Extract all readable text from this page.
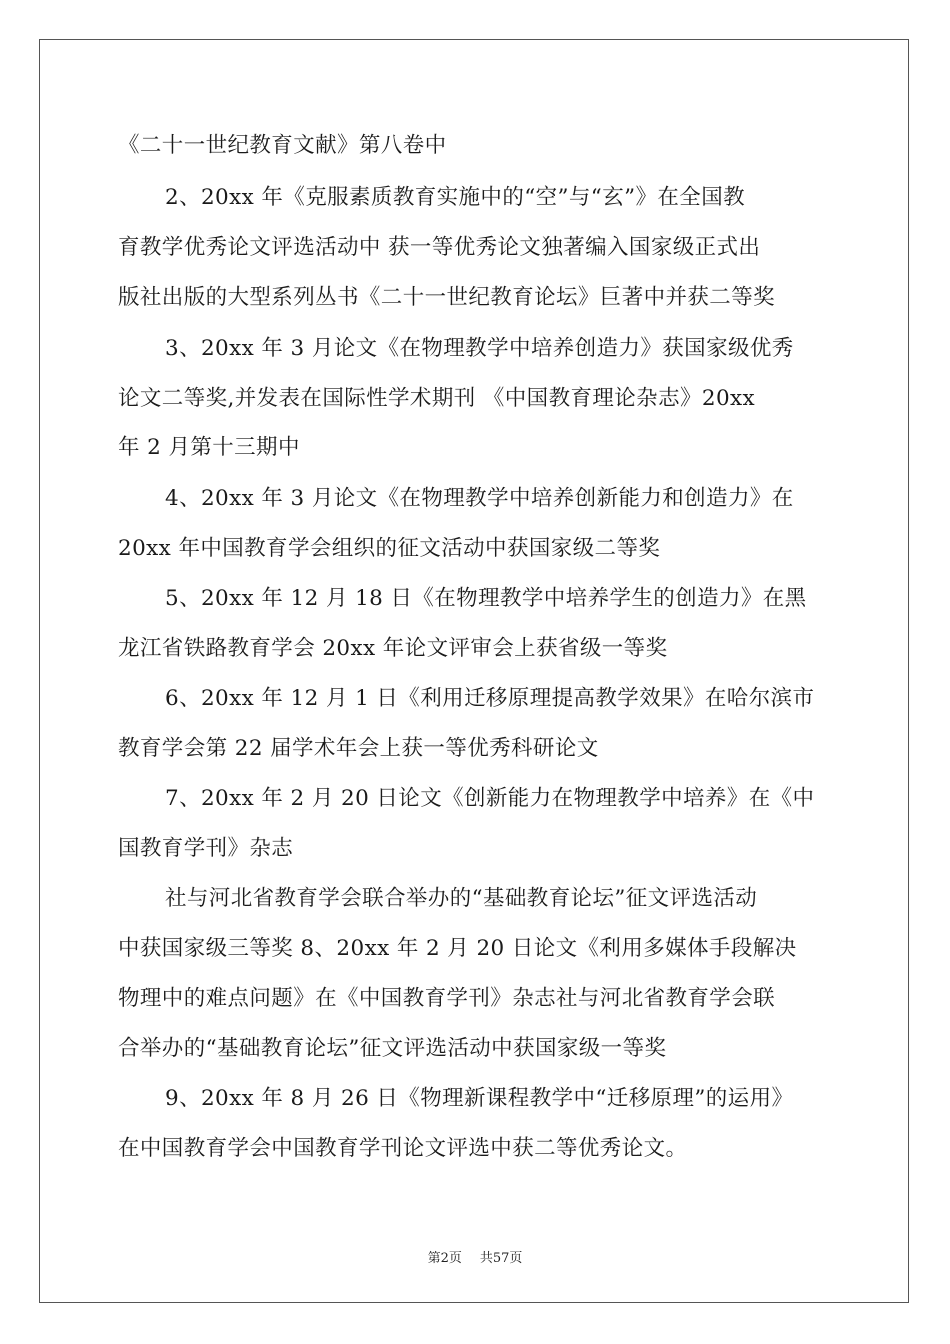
《二十一世纪教育文献》第八卷中
2、20xx 年《克服素质教育实施中的“空”与“玄”》在全国教
育教学优秀论文评选活动中 获一等优秀论文独著编入国家级正式出
版社出版的大型系列丛书《二十一世纪教育论坛》巨著中并获二等奖
3、20xx 年 3 月论文《在物理教学中培养创造力》获国家级优秀
论文二等奖,并发表在国际性学术期刊 《中国教育理论杂志》20xx
年 2 月第十三期中
4、20xx 年 3 月论文《在物理教学中培养创新能力和创造力》在
20xx 年中国教育学会组织的征文活动中获国家级二等奖
5、20xx 年 12 月 18 日《在物理教学中培养学生的创造力》在黑
龙江省铁路教育学会 20xx 年论文评审会上获省级一等奖
6、20xx 年 12 月 1 日《利用迁移原理提高教学效果》在哈尔滨市
教育学会第 22 届学术年会上获一等优秀科研论文
7、20xx 年 2 月 20 日论文《创新能力在物理教学中培养》在《中
国教育学刊》杂志
社与河北省教育学会联合举办的“基础教育论坛”征文评选活动
中获国家级三等奖 8、20xx 年 2 月 20 日论文《利用多媒体手段解决
物理中的难点问题》在《中国教育学刊》杂志社与河北省教育学会联
合举办的“基础教育论坛”征文评选活动中获国家级一等奖
9、20xx 年 8 月 26 日《物理新课程教学中“迁移原理”的运用》
在中国教育学会中国教育学刊论文评选中获二等优秀论文。
第2页 共57页
